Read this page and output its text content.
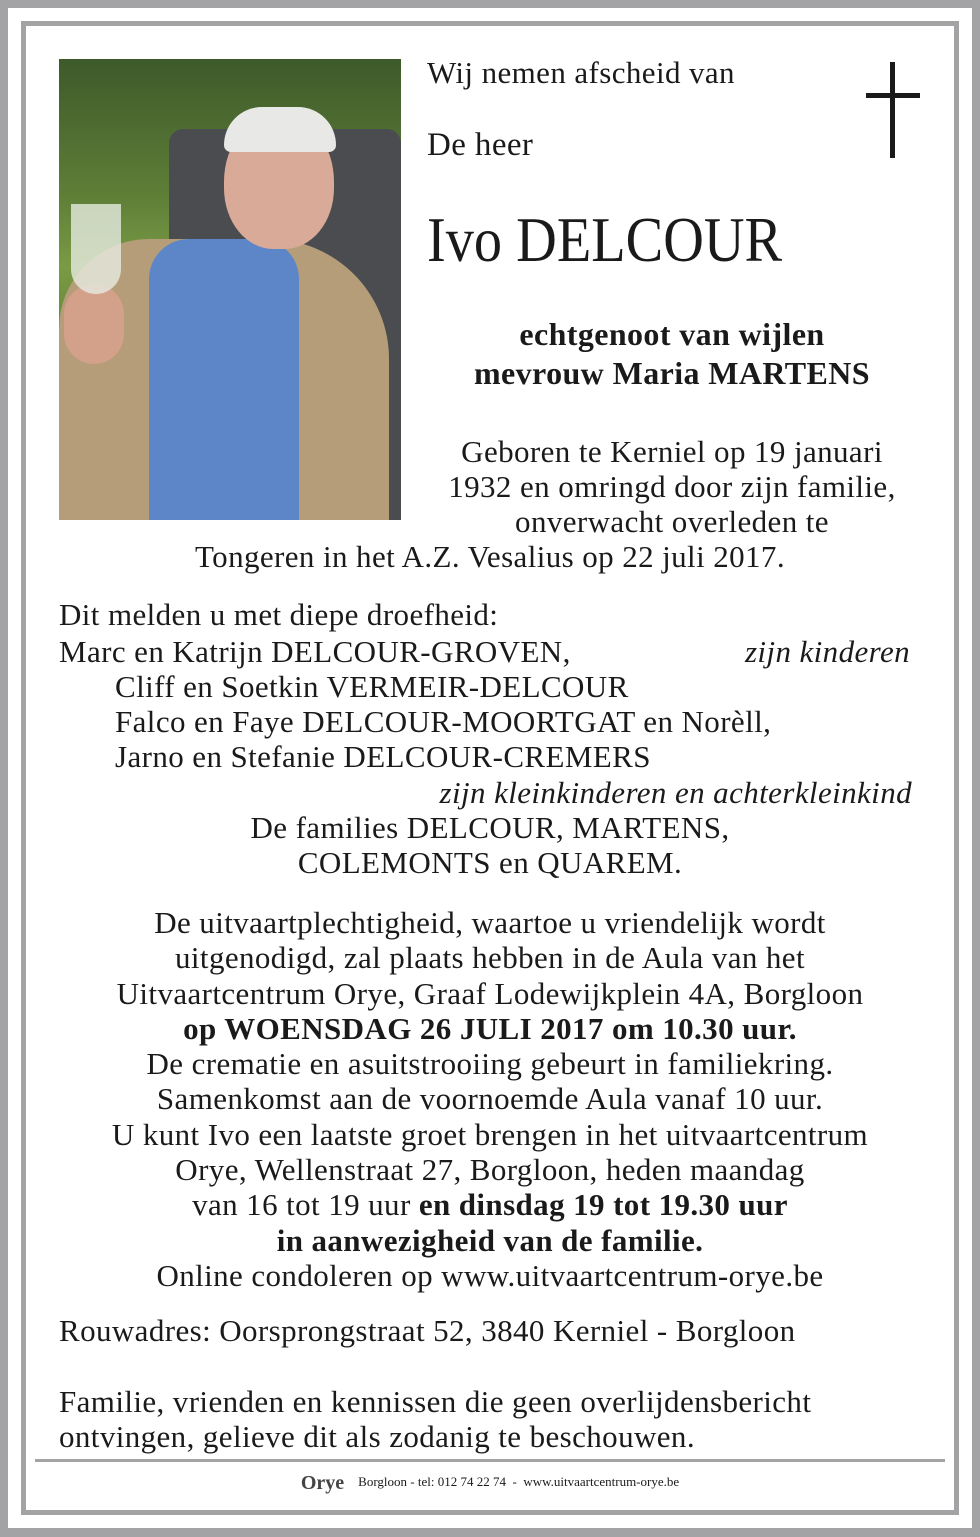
Wij nemen afscheid van
De heer
Ivo DELCOUR
echtgenoot van wijlen
mevrouw Maria MARTENS
Geboren te Kerniel op 19 januari
1932 en omringd door zijn familie,
onverwacht overleden te
Tongeren in het A.Z. Vesalius op 22 juli 2017.
Dit melden u met diepe droefheid:
Marc en Katrijn DELCOUR-GROVEN,	zijn kinderen
Cliff en Soetkin VERMEIR-DELCOUR
Falco en Faye DELCOUR-MOORTGAT en Norèll,
Jarno en Stefanie DELCOUR-CREMERS
zijn kleinkinderen en achterkleinkind
De families DELCOUR, MARTENS,
COLEMONTS en QUAREM.
De uitvaartplechtigheid, waartoe u vriendelijk wordt
uitgenodigd, zal plaats hebben in de Aula van het
Uitvaartcentrum Orye, Graaf Lodewijkplein 4A, Borgloon
op WOENSDAG 26 JULI 2017 om 10.30 uur.
De crematie en asuitstrooiing gebeurt in familiekring.
Samenkomst aan de voornoemde Aula vanaf 10 uur.
U kunt Ivo een laatste groet brengen in het uitvaartcentrum
Orye, Wellenstraat 27, Borgloon, heden maandag
van 16 tot 19 uur en dinsdag 19 tot 19.30 uur
in aanwezigheid van de familie.
Online condoleren op www.uitvaartcentrum-orye.be
Rouwadres: Oorsprongstraat 52, 3840 Kerniel - Borgloon
Familie, vrienden en kennissen die geen overlijdensbericht
ontvingen, gelieve dit als zodanig te beschouwen.
Orye Borgloon - tel: 012 74 22 74  -  www.uitvaartcentrum-orye.be
